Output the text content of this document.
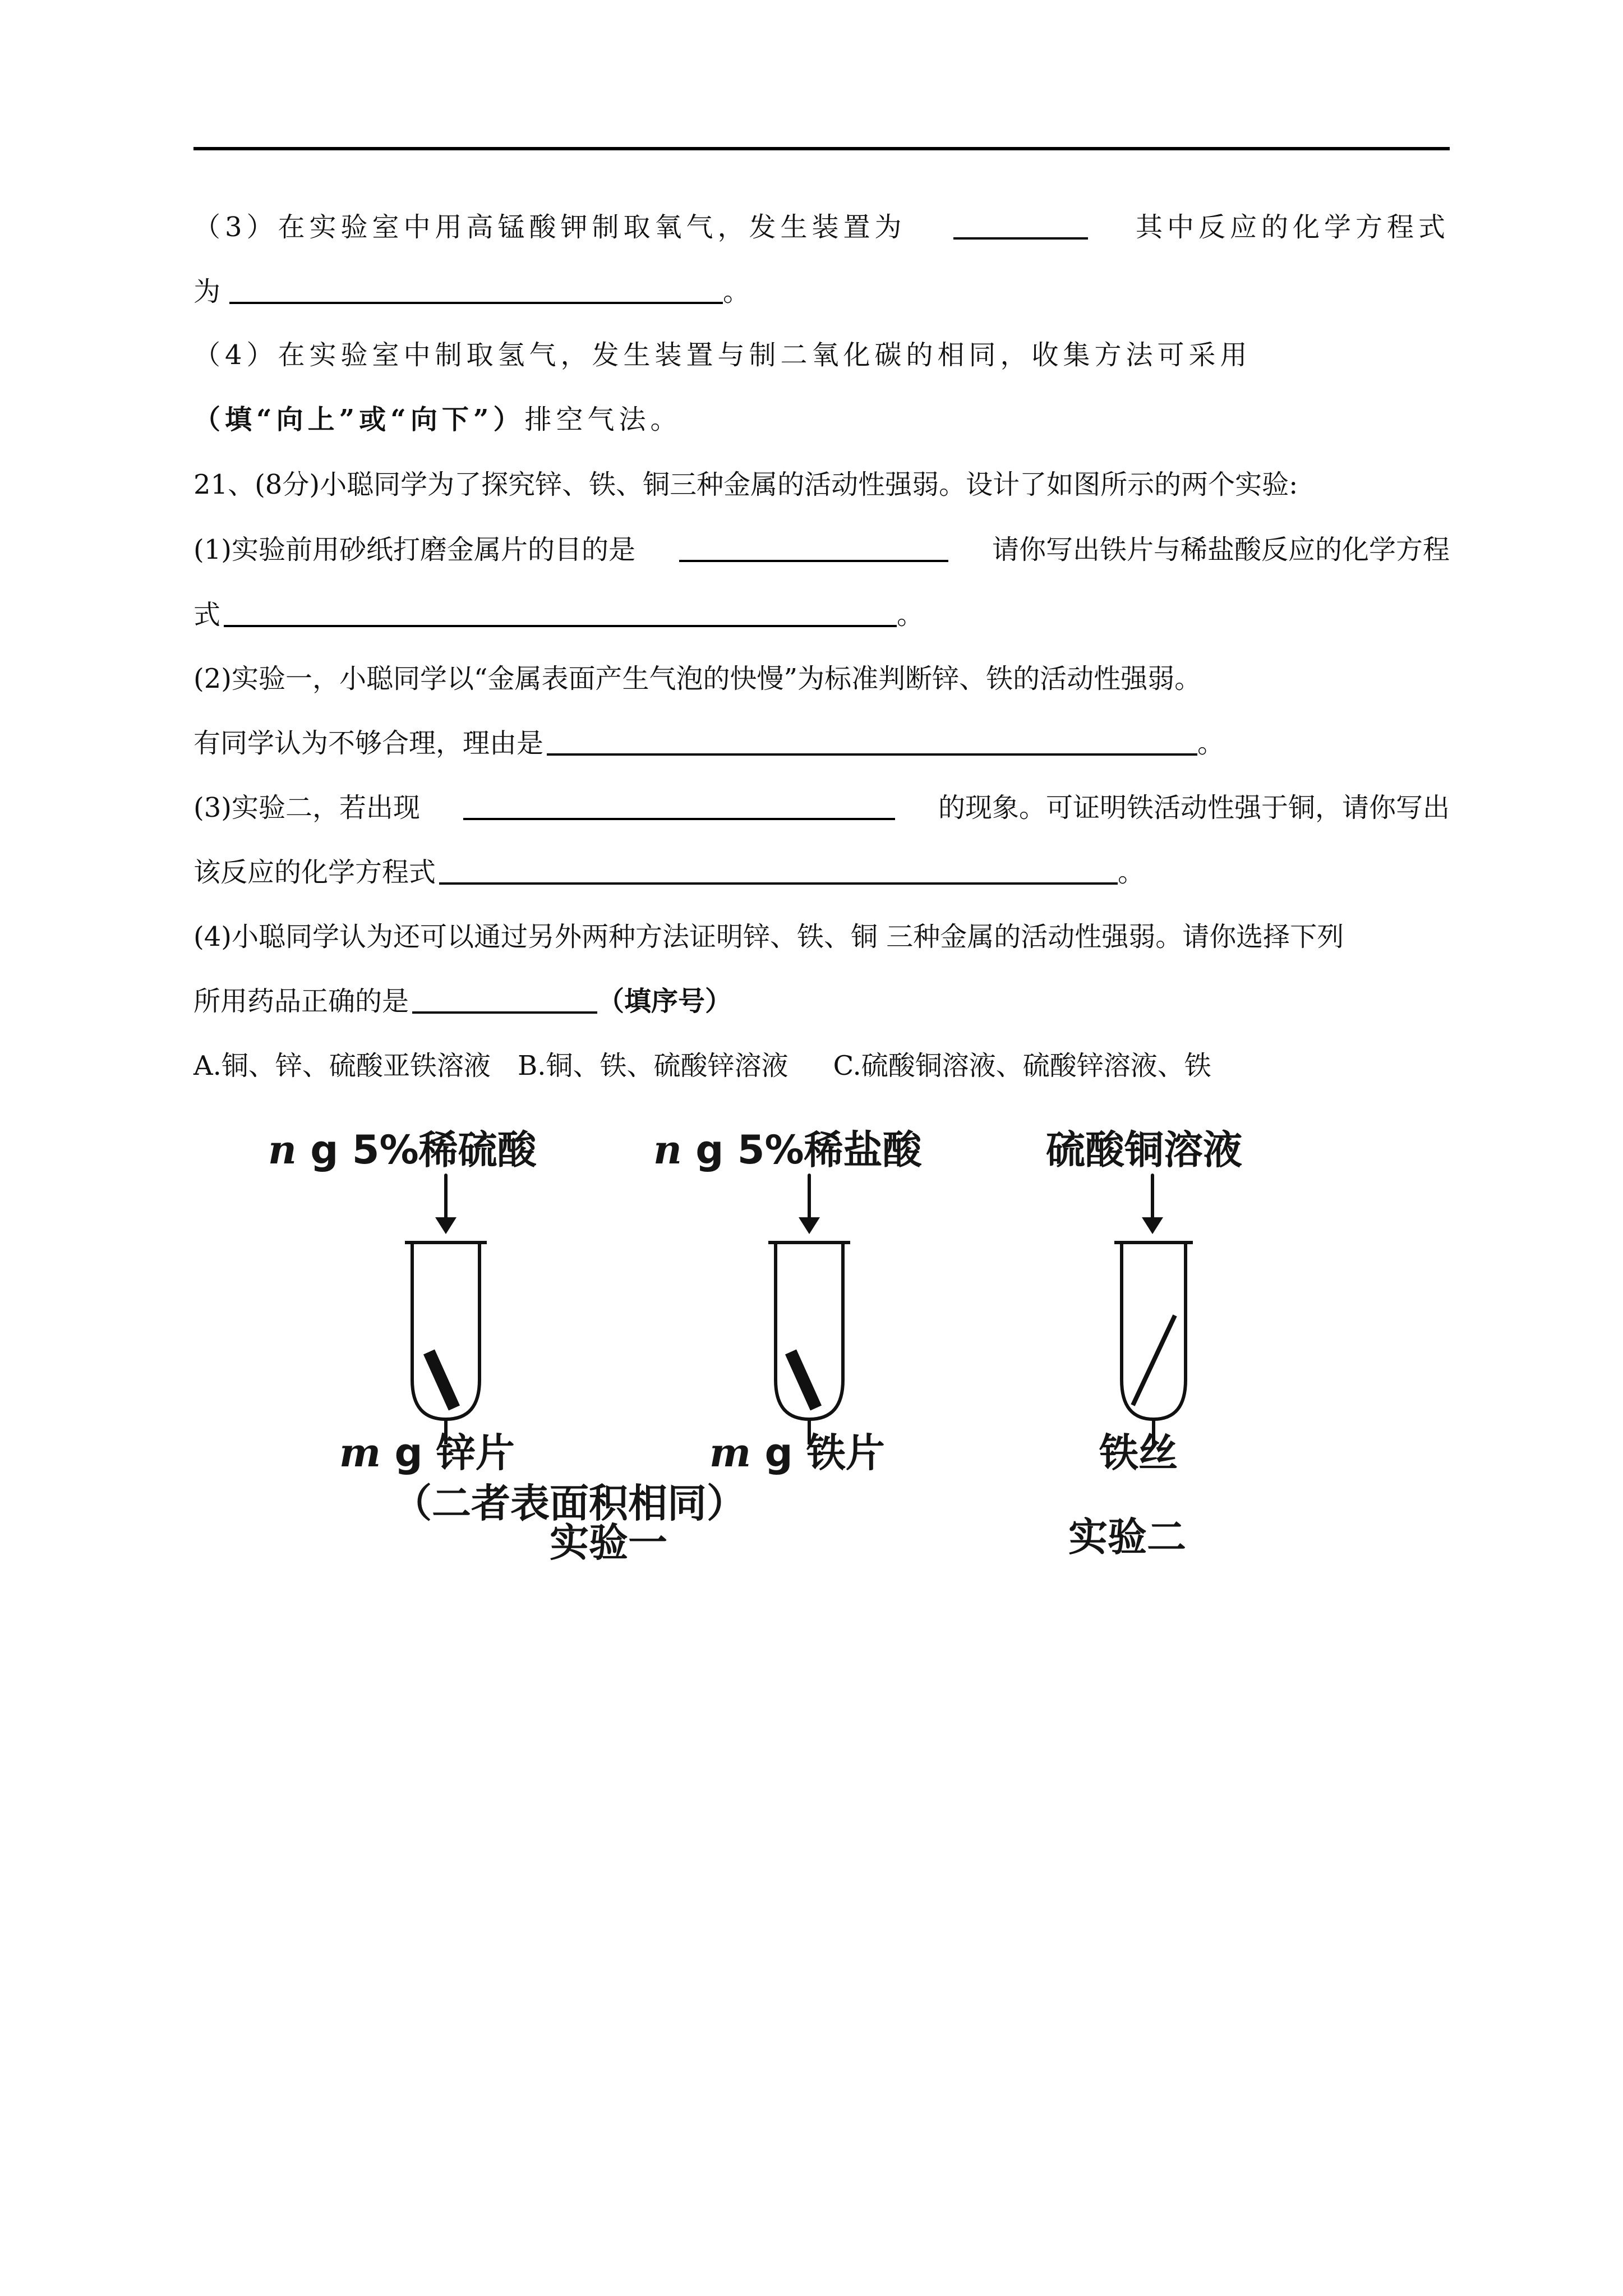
（3）在实验室中用高锰酸钾制取氧气，发生装置为	其中反应的化学方程式
为	。
（4）在实验室中制取氢气，发生装置与制二氧化碳的相同，收集方法可采用
（填“向上”或“向下”）排空气法。
21、(8分)小聪同学为了探究锌、铁、铜三种金属的活动性强弱。设计了如图所示的两个实验:
(1)实验前用砂纸打磨金属片的目的是	请你写出铁片与稀盐酸反应的化学方程
式	。
(2)实验一，小聪同学以“金属表面产生气泡的快慢”为标准判断锌、铁的活动性强弱。
有同学认为不够合理，理由是	。
(3)实验二，若出现	的现象。可证明铁活动性强于铜，请你写出
该反应的化学方程式	。
(4)小聪同学认为还可以通过另外两种方法证明锌、铁、铜 三种金属的活动性强弱。请你选择下列
所用药品正确的是	（填序号）
A.铜、锌、硫酸亚铁溶液 B.铜、铁、硫酸锌溶液 C.硫酸铜溶液、硫酸锌溶液、铁
n g 5%稀硫酸	n g 5%稀盐酸	硫酸铜溶液
m g 锌片	m g 铁片	铁丝
（二者表面积相同）
实验一	实验二
